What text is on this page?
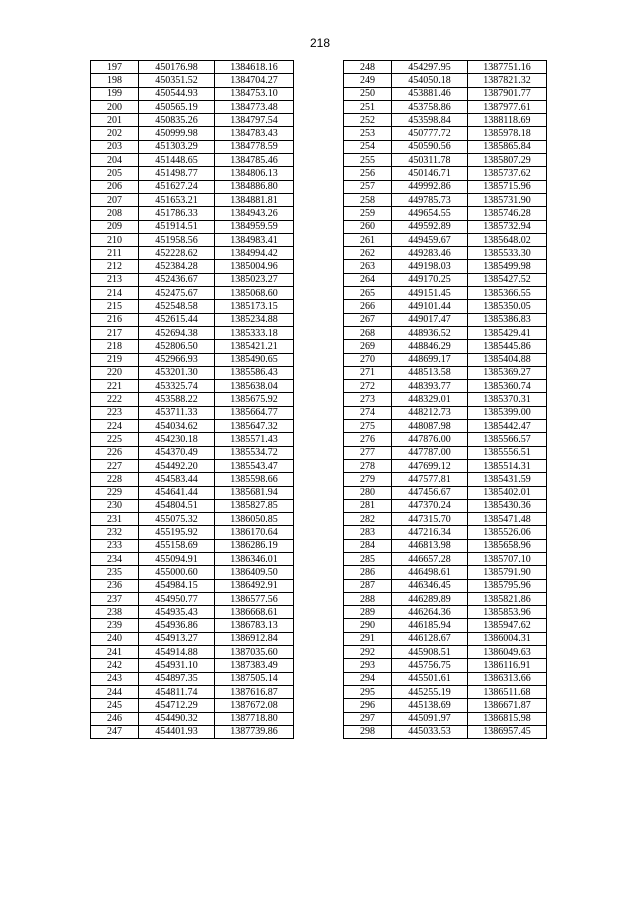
218
197	450176.98	1384618.16
198	450351.52	1384704.27
199	450544.93	1384753.10
200	450565.19	1384773.48
201	450835.26	1384797.54
202	450999.98	1384783.43
203	451303.29	1384778.59
204	451448.65	1384785.46
205	451498.77	1384806.13
206	451627.24	1384886.80
207	451653.21	1384881.81
208	451786.33	1384943.26
209	451914.51	1384959.59
210	451958.56	1384983.41
211	452228.62	1384994.42
212	452384.28	1385004.96
213	452436.67	1385023.27
214	452475.67	1385068.60
215	452548.58	1385173.15
216	452615.44	1385234.88
217	452694.38	1385333.18
218	452806.50	1385421.21
219	452966.93	1385490.65
220	453201.30	1385586.43
221	453325.74	1385638.04
222	453588.22	1385675.92
223	453711.33	1385664.77
224	454034.62	1385647.32
225	454230.18	1385571.43
226	454370.49	1385534.72
227	454492.20	1385543.47
228	454583.44	1385598.66
229	454641.44	1385681.94
230	454804.51	1385827.85
231	455075.32	1386050.85
232	455195.92	1386170.64
233	455158.69	1386286.19
234	455094.91	1386346.01
235	455000.60	1386409.50
236	454984.15	1386492.91
237	454950.77	1386577.56
238	454935.43	1386668.61
239	454936.86	1386783.13
240	454913.27	1386912.84
241	454914.88	1387035.60
242	454931.10	1387383.49
243	454897.35	1387505.14
244	454811.74	1387616.87
245	454712.29	1387672.08
246	454490.32	1387718.80
247	454401.93	1387739.86
248	454297.95	1387751.16
249	454050.18	1387821.32
250	453881.46	1387901.77
251	453758.86	1387977.61
252	453598.84	1388118.69
253	450777.72	1385978.18
254	450590.56	1385865.84
255	450311.78	1385807.29
256	450146.71	1385737.62
257	449992.86	1385715.96
258	449785.73	1385731.90
259	449654.55	1385746.28
260	449592.89	1385732.94
261	449459.67	1385648.02
262	449283.46	1385533.30
263	449198.03	1385499.98
264	449170.25	1385427.52
265	449151.45	1385366.55
266	449101.44	1385350.05
267	449017.47	1385386.83
268	448936.52	1385429.41
269	448846.29	1385445.86
270	448699.17	1385404.88
271	448513.58	1385369.27
272	448393.77	1385360.74
273	448329.01	1385370.31
274	448212.73	1385399.00
275	448087.98	1385442.47
276	447876.00	1385566.57
277	447787.00	1385556.51
278	447699.12	1385514.31
279	447577.81	1385431.59
280	447456.67	1385402.01
281	447370.24	1385430.36
282	447315.70	1385471.48
283	447216.34	1385526.06
284	446813.98	1385658.96
285	446657.28	1385707.10
286	446498.61	1385791.90
287	446346.45	1385795.96
288	446289.89	1385821.86
289	446264.36	1385853.96
290	446185.94	1385947.62
291	446128.67	1386004.31
292	445908.51	1386049.63
293	445756.75	1386116.91
294	445501.61	1386313.66
295	445255.19	1386511.68
296	445138.69	1386671.87
297	445091.97	1386815.98
298	445033.53	1386957.45
